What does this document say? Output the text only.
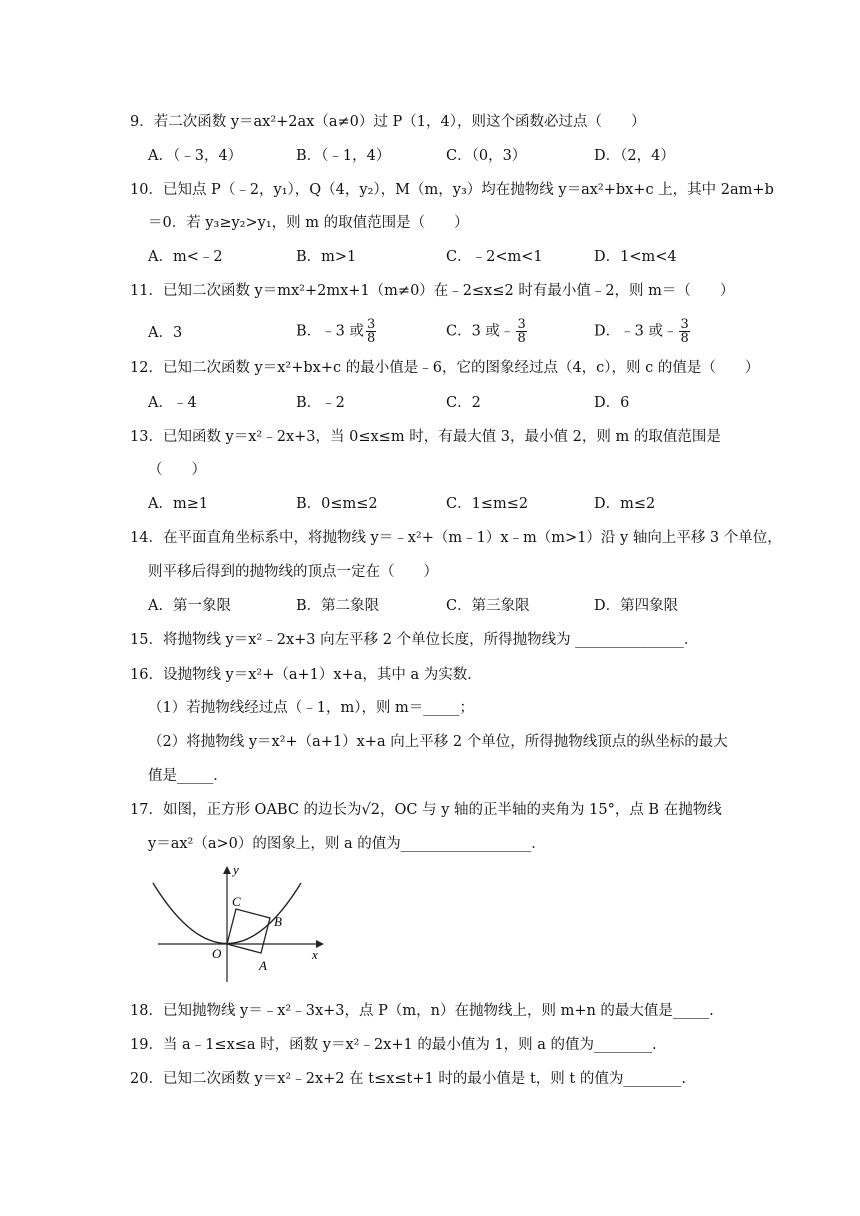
9．若二次函数 y＝ax²+2ax（a≠0）过 P（1，4），则这个函数必过点（　　）
A．（﹣3，4）	B．（﹣1，4）	C．（0，3）	D．（2，4）
10．已知点 P（﹣2，y₁），Q（4，y₂），M（m，y₃）均在抛物线 y＝ax²+bx+c 上，其中 2am+b
＝0．若 y₃≥y₂>y₁，则 m 的取值范围是（　　）
A．m<﹣2	B．m>1	C．﹣2<m<1	D．1<m<4
11．已知二次函数 y＝mx²+2mx+1（m≠0）在﹣2≤x≤2 时有最小值﹣2，则 m＝（　　）
A．3	B．﹣3 或 $\frac{3}{8}$	C．3 或﹣ $\frac{3}{8}$	D．﹣3 或﹣ $\frac{3}{8}$
12．已知二次函数 y＝x²+bx+c 的最小值是﹣6，它的图象经过点（4，c），则 c 的值是（　　）
A．﹣4	B．﹣2	C．2	D．6
13．已知函数 y＝x²﹣2x+3，当 0≤x≤m 时，有最大值 3，最小值 2，则 m 的取值范围是
（　　）
A．m≥1	B．0≤m≤2	C．1≤m≤2	D．m≤2
14．在平面直角坐标系中，将抛物线 y＝﹣x²+（m﹣1）x﹣m（m>1）沿 y 轴向上平移 3 个单位，
则平移后得到的抛物线的顶点一定在（　　）
A．第一象限	B．第二象限	C．第三象限	D．第四象限
15．将抛物线 y＝x²﹣2x+3 向左平移 2 个单位长度，所得抛物线为 _______________．
16．设抛物线 y＝x²+（a+1）x+a，其中 a 为实数．
（1）若抛物线经过点（﹣1，m），则 m＝_____；
（2）将抛物线 y＝x²+（a+1）x+a 向上平移 2 个单位，所得抛物线顶点的纵坐标的最大
值是_____．
17．如图，正方形 OABC 的边长为√2，OC 与 y 轴的正半轴的夹角为 15°，点 B 在抛物线
y＝ax²（a>0）的图象上，则 a 的值为__________________．
y
x
O
A
B
C
18．已知抛物线 y＝﹣x²﹣3x+3，点 P（m，n）在抛物线上，则 m+n 的最大值是_____.
19．当 a﹣1≤x≤a 时，函数 y＝x²﹣2x+1 的最小值为 1，则 a 的值为________.
20．已知二次函数 y＝x²﹣2x+2 在 t≤x≤t+1 时的最小值是 t，则 t 的值为________.
